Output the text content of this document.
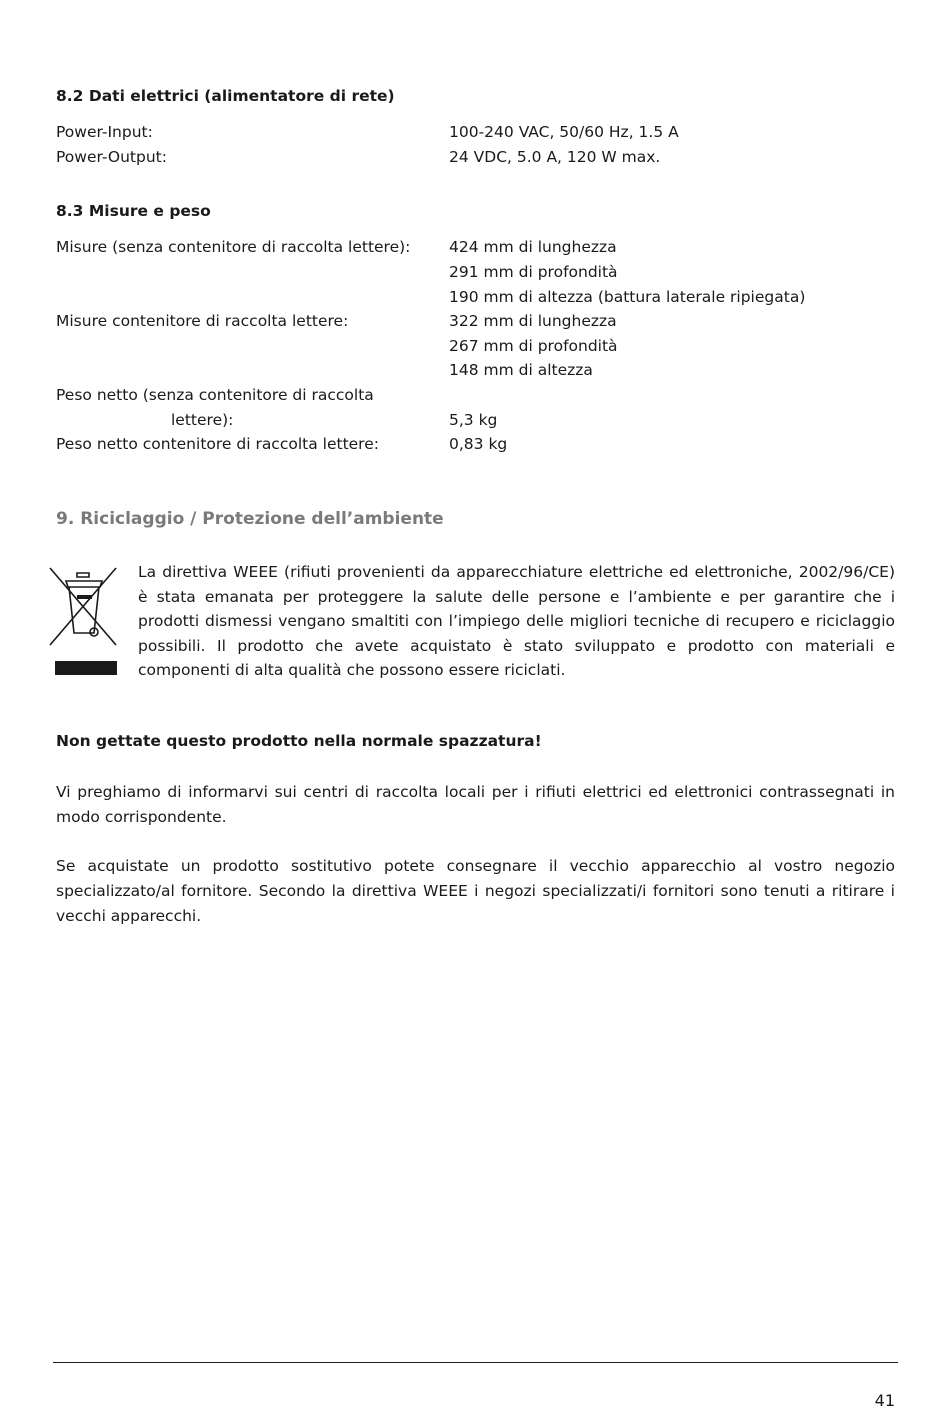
8.2 Dati elettrici (alimentatore di rete)
Power-Input:	100-240 VAC, 50/60 Hz, 1.5 A
Power-Output:	24 VDC, 5.0 A, 120 W max.
8.3 Misure e peso
Misure (senza contenitore di raccolta lettere): 424 mm di lunghezza
291 mm di profondità
190 mm di altezza (battura laterale ripiegata)
Misure contenitore di raccolta lettere:	322 mm di lunghezza
267 mm di profondità
148 mm di altezza
Peso netto (senza contenitore di raccolta
lettere):	5,3 kg
Peso netto contenitore di raccolta lettere:	0,83 kg
9. Riciclaggio / Protezione dell’ambiente
La direttiva WEEE (rifiuti provenienti da apparecchiature elettriche ed elettroniche, 2002/96/CE) è stata emanata per proteggere la salute delle persone e l’ambiente e per garantire che i prodotti dismessi vengano smaltiti con l’impiego delle migliori tecniche di recupero e riciclaggio possibili. Il prodotto che avete acquistato è stato sviluppato e prodotto con materiali e componenti di alta qualità che possono essere riciclati.
Non gettate questo prodotto nella normale spazzatura!
Vi preghiamo di informarvi sui centri di raccolta locali per i rifiuti elettrici ed elettronici contrassegnati in modo corrispondente.
Se acquistate un prodotto sostitutivo potete consegnare il vecchio apparecchio al vostro negozio specializzato/al fornitore. Secondo la direttiva WEEE i negozi specializzati/i fornitori sono tenuti a ritirare i vecchi apparecchi.
41
